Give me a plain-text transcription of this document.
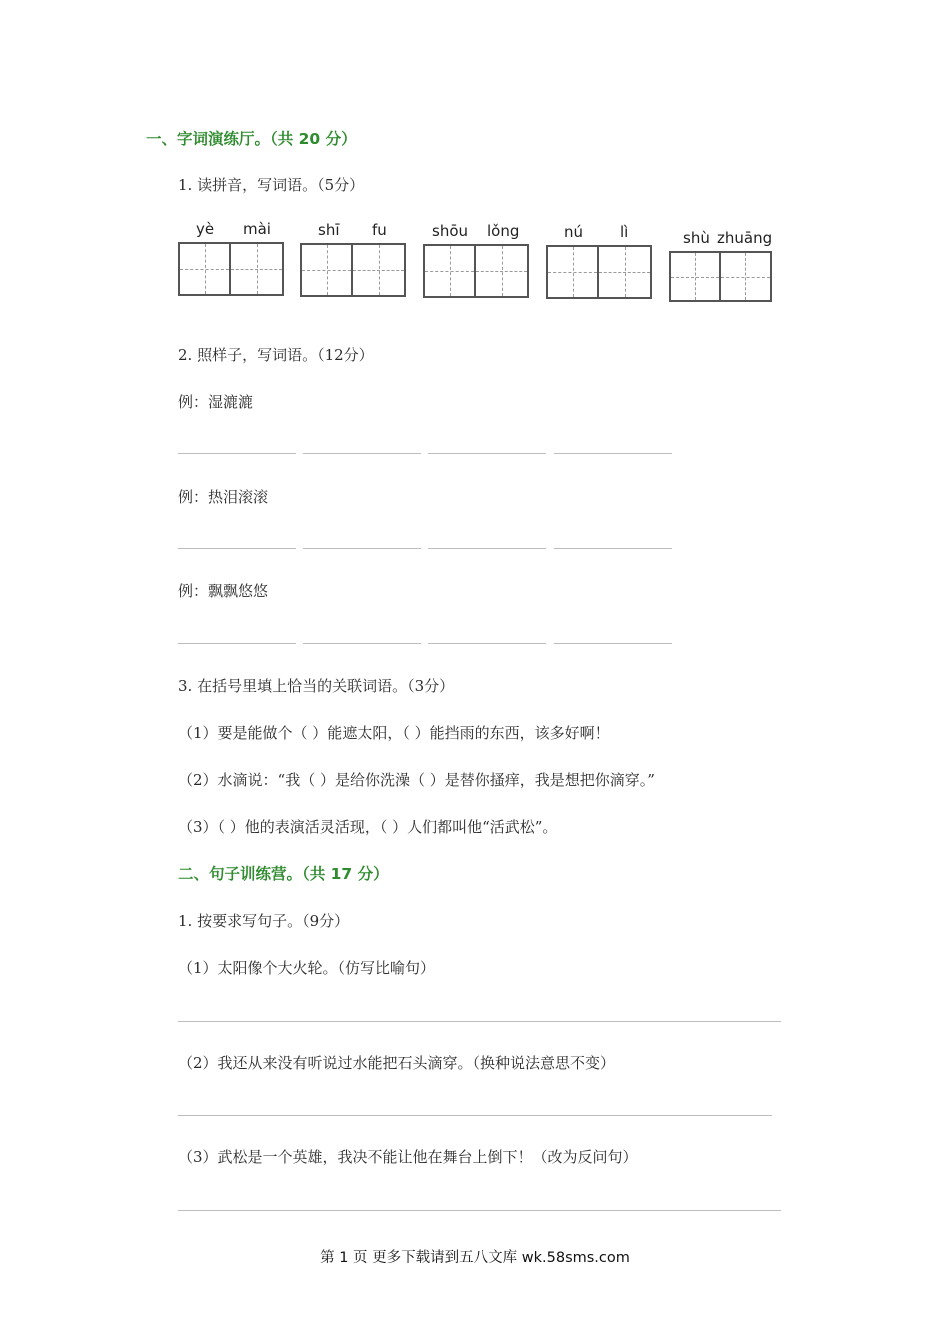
一、字词演练厅。（共 20 分）
1. 读拼音，写词语。（5分）
yè mài	shī fu	shōu lǒng	nú lì	shù zhuāng
2. 照样子，写词语。（12分）
例：湿漉漉
例：热泪滚滚
例：飘飘悠悠
3. 在括号里填上恰当的关联词语。（3分）
（1）要是能做个（ ）能遮太阳，（ ）能挡雨的东西，该多好啊！
（2）水滴说：“我（ ）是给你洗澡（ ）是替你搔痒，我是想把你滴穿。”
（3）（ ）他的表演活灵活现，（ ）人们都叫他“活武松”。
二、句子训练营。（共 17 分）
1. 按要求写句子。（9分）
（1）太阳像个大火轮。（仿写比喻句）
（2）我还从来没有听说过水能把石头滴穿。（换种说法意思不变）
（3）武松是一个英雄，我决不能让他在舞台上倒下！（改为反问句）
第 1 页 更多下载请到五八文库 wk.58sms.com
